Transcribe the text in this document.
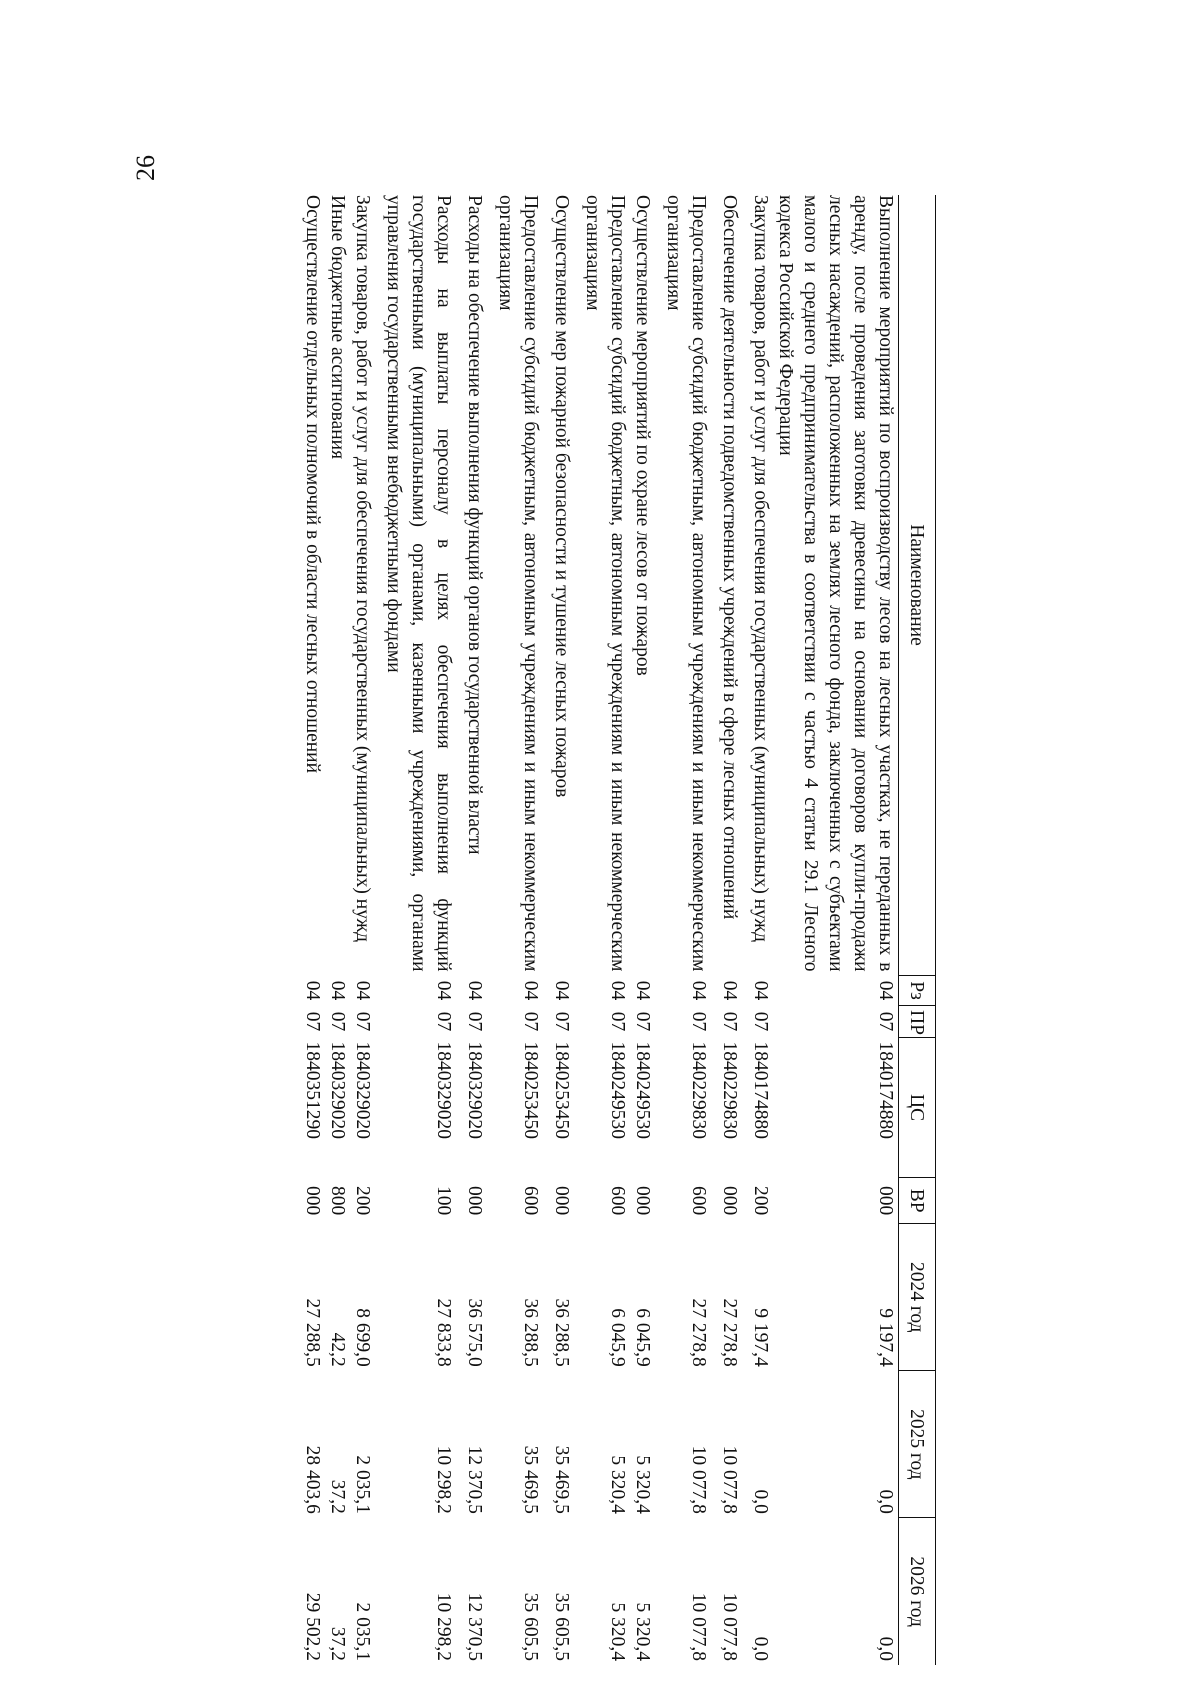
26
Наименование	Рз	ПР	ЦС	ВР	2024 год	2025 год	2026 год
Выполнение мероприятий по воспроизводству лесов на лесных участках, не переданных в аренду, после проведения заготовки древесины на основании договоров купли-продажи лесных насаждений, расположенных на землях лесного фонда, заключенных с субъектами малого и среднего предпринимательства в соответствии с частью 4 статьи 29.1 Лесного кодекса Российской Федерации	04	07	1840174880	000	9 197,4	0,0	0,0
Закупка товаров, работ и услуг для обеспечения государственных (муниципальных) нужд	04	07	1840174880	200	9 197,4	0,0	0,0
Обеспечение деятельности подведомственных учреждений в сфере лесных отношений	04	07	1840229830	000	27 278,8	10 077,8	10 077,8
Предоставление субсидий бюджетным, автономным учреждениям и иным некоммерческим организациям	04	07	1840229830	600	27 278,8	10 077,8	10 077,8
Осуществление мероприятий по охране лесов от пожаров	04	07	1840249530	000	6 045,9	5 320,4	5 320,4
Предоставление субсидий бюджетным, автономным учреждениям и иным некоммерческим организациям	04	07	1840249530	600	6 045,9	5 320,4	5 320,4
Осуществление мер пожарной безопасности и тушение лесных пожаров	04	07	1840253450	000	36 288,5	35 469,5	35 605,5
Предоставление субсидий бюджетным, автономным учреждениям и иным некоммерческим организациям	04	07	1840253450	600	36 288,5	35 469,5	35 605,5
Расходы на обеспечение выполнения функций органов государственной власти	04	07	1840329020	000	36 575,0	12 370,5	12 370,5
Расходы на выплаты персоналу в целях обеспечения выполнения функций государственными (муниципальными) органами, казенными учреждениями, органами управления государственными внебюджетными фондами	04	07	1840329020	100	27 833,8	10 298,2	10 298,2
Закупка товаров, работ и услуг для обеспечения государственных (муниципальных) нужд	04	07	1840329020	200	8 699,0	2 035,1	2 035,1
Иные бюджетные ассигнования	04	07	1840329020	800	42,2	37,2	37,2
Осуществление отдельных полномочий в области лесных отношений	04	07	1840351290	000	27 288,5	28 403,6	29 502,2
